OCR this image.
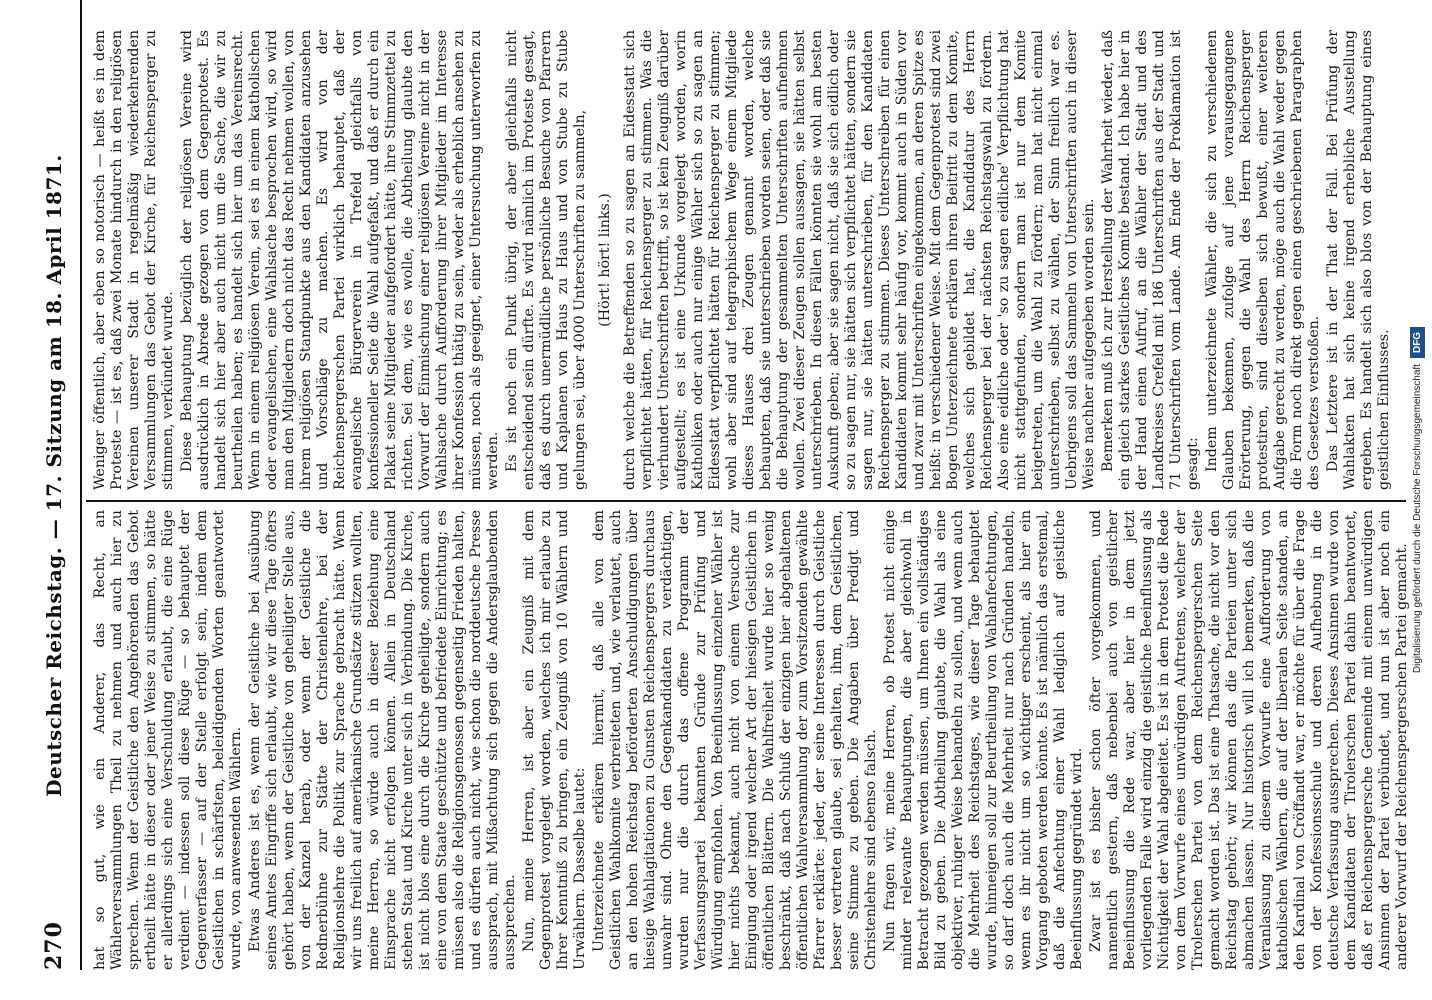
270
Deutscher Reichstag. — 17. Sitzung am 18. April 1871. hat so gut, wie ein Anderer, das Recht, an Wählerversammlungen Theil zu nehmen und auch hier zu sprechen. Wenn der Geistliche den Angehörenden das Gebot ertheilt hätte in dieser oder jener Weise zu stimmen, so hätte er allerdings sich eine Verschuldung erlaubt, die eine Rüge verdient — indessen soll diese Rüge — so behauptet der Gegenverfasser — auf der Stelle erfolgt sein, indem dem Geistlichen in schärfsten, beleidigenden Worten geantwortet wurde, von anwesenden Wählern. Etwas Anderes ist es, wenn der Geistliche bei Ausübung seines Amtes Eingriffe sich erlaubt, wie wir diese Tage öfters gehört haben, wenn der Geistliche von geheiligter Stelle aus, von der Kanzel herab, oder wenn der Geistliche die Rednerbühne zur Stätte der Christenlehre, bei der Religionslehre die Politik zur Sprache gebracht hätte. Wenn wir uns freilich auf amerikanische Grundsätze stützen wollten, meine Herren, so würde auch in dieser Beziehung eine Einsprache nicht erfolgen können. Allein in Deutschland stehen Staat und Kirche unter sich in Verbindung. Die Kirche, ist nicht blos eine durch die Kirche geheiligte, sondern auch eine von dem Staate geschützte und befriedete Einrichtung; es müssen also die Religionsgenossen gegenseitig Frieden halten, und es dürfen auch nicht, wie schon die norddeutsche Presse aussprach, mit Mißachtung sich gegen die Andersglaubenden aussprechen. Nun, meine Herren, ist aber ein Zeugniß mit dem Gegenprotest vorgelegt worden, welches ich mir erlaube zu Ihrer Kenntniß zu bringen, ein Zeugniß von 10 Wählern und Urwählern. Dasselbe lautet: Unterzeichnete erklären hiermit, daß alle von dem Geistlichen Wahlkomite verbreiteten und, wie verlautet, auch an den hohen Reichstag beförderten Anschuldigungen über hiesige Wahlagitationen zu Gunsten Reichenspergers durchaus unwahr sind. Ohne den Gegenkandidaten zu verdächtigen, wurden nur die durch das offene Programm der Verfassungspartei bekannten Gründe zur Prüfung und Würdigung empfohlen. Von Beeinflussung einzelner Wähler ist hier nichts bekannt, auch nicht von einem Versuche zur Einigung oder irgend welcher Art der hiesigen Geistlichen in öffentlichen Blättern. Die Wahlfreiheit wurde hier so wenig beschränkt, daß nach Schluß der einzigen hier abgehaltenen öffentlichen Wahlversammlung der zum Vorsitzenden gewählte Pfarrer erklärte: jeder, der seine Interessen durch Geistliche besser vertreten glaube, sei gehalten, ihm, dem Geistlichen, seine Stimme zu geben. Die Angaben über Predigt und Christenlehre sind ebenso falsch. Nun fragen wir, meine Herren, ob Protest nicht einige minder relevante Behauptungen, die aber gleichwohl in Betracht gezogen werden müssen, um Ihnen ein vollständiges Bild zu geben. Die Abtheilung glaubte, die Wahl als eine objektiver, ruhiger Weise behandeln zu sollen, und wenn auch die Mehrheit des Reichstages, wie dieser Tage behauptet wurde, hinneigen soll zur Beurtheilung von Wahlanfechtungen, so darf doch auch die Mehrheit nur nach Gründen handeln, wenn es ihr nicht um so wichtiger erscheint, als hier ein Vorgang geboten werden könnte. Es ist nämlich das erstemal, daß die Anfechtung einer Wahl lediglich auf geistliche Beeinflussung gegründet wird. Zwar ist es bisher schon öfter vorgekommen, und namentlich gestern, daß nebenbei auch von geistlicher Beeinflussung die Rede war, aber hier in dem jetzt vorliegenden Falle wird einzig die geistliche Beeinflussung als Nichtigkeit der Wahl abgeleitet. Es ist in dem Protest die Rede von dem Vorwurfe eines unwürdigen Auftretens, welcher der Tirolerschen Partei von dem Reichenspergerschen Seite gemacht worden ist. Das ist eine Thatsache, die nicht vor den Reichstag gehört; wir können das die Parteien unter sich abmachen lassen. Nur historisch will ich bemerken, daß die Veranlassung zu diesem Vorwurfe eine Aufforderung von katholischen Wählern, die auf der liberalen Seite standen, an den Kardinal von Cröffandt war, er möchte für über die Frage von der Konfessionsschule und deren Aufhebung in die deutsche Verfassung aussprechen. Dieses Ansinnen wurde von dem Kandidaten der Tirolerschen Partei dahin beantwortet, daß er Reichenspergersche Gemeinde mit einem unwürdigen Ansinnen der Partei verbündet, und nun ist aber noch ein anderer Vorwurf der Reichenspergerschen Partei gemacht.

Weniger öffentlich, aber eben so notorisch — heißt es in dem Proteste — ist es, daß zwei Monate hindurch in den religiösen Vereinen unserer Stadt in regelmäßig wiederkehrenden Versammlungen das Gebot der Kirche, für Reichensperger zu stimmen, verkündet wurde. Diese Behauptung bezüglich der religiösen Vereine wird ausdrücklich in Abrede gezogen von dem Gegenprotest. Es handelt sich hier aber auch nicht um die Sache, die wir zu beurtheilen haben; es handelt sich hier um das Vereinsrecht. Wenn in einem religiösen Verein, sei es in einem katholischen oder evangelischen, eine Wahlsache besprochen wird, so wird man den Mitgliedern doch nicht das Recht nehmen wollen, von ihrem religiösen Standpunkte aus den Kandidaten anzusehen und Vorschläge zu machen. Es wird von der Reichenspergerschen Partei wirklich behauptet, daß der evangelische Bürgerverein in Trefeld gleichfalls von konfessioneller Seite die Wahl aufgefaßt, und daß er durch ein Plakat seine Mitglieder aufgefordert hätte, ihre Stimmzettel zu richten. Sei dem, wie es wolle, die Abtheilung glaubte den Vorwurf der Einmischung einer religiösen Vereine nicht in der Wahlsache durch Aufforderung ihrer Mitglieder im Interesse ihrer Konfession thätig zu sein, weder als erheblich ansehen zu müssen, noch als geeignet, einer Untersuchung unterworfen zu werden. Es ist noch ein Punkt übrig, der aber gleichfalls nicht entscheidend sein dürfte. Es wird nämlich im Proteste gesagt, daß es durch unermüdliche persönliche Besuche von Pfarrern und Kaplanen von Haus zu Haus und von Stube zu Stube gelungen sei, über 4000 Unterschriften zu sammeln, (Hört! hört! links.) durch welche die Betreffenden so zu sagen an Eidesstatt sich verpflichtet hätten, für Reichensperger zu stimmen. Was die vierhundert Unterschriften betrifft, so ist kein Zeugniß darüber aufgestellt; es ist eine Urkunde vorgelegt worden, worin Katholiken oder auch nur einige Wähler sich so zu sagen an Eidesstatt verpflichtet hätten für Reichensperger zu stimmen; wohl aber sind auf telegraphischem Wege einem Mitgliede dieses Hauses drei Zeugen genannt worden, welche behaupten, daß sie unterschrieben worden seien, oder daß sie die Behauptung der gesammelten Unterschriften aufnehmen wollen. Zwei dieser Zeugen sollen aussagen, sie hätten selbst unterschrieben. In diesen Fällen könnten sie wohl am besten Auskunft geben; aber sie sagen nicht, daß sie sich eidlich oder so zu sagen nur, sie hätten sich verpflichtet hätten, sondern sie sagen nur, sie hätten unterschrieben, für den Kandidaten Reichensperger zu stimmen. Dieses Unterschreiben für einen Kandidaten kommt sehr häufig vor, kommt auch in Süden vor und zwar mit Unterschriften eingekommen, an deren Spitze es heißt: in verschiedener Weise. Mit dem Gegenprotest sind zwei Bogen Unterzeichnete erklären ihren Beitritt zu dem Komite, welches sich gebildet hat, die Kandidatur des Herrn Reichensperger bei der nächsten Reichstagswahl zu fördern. Also eine eidliche oder 'so zu sagen eidliche' Verpflichtung hat nicht stattgefunden, sondern man ist nur dem Komite beigetreten, um die Wahl zu fördern; man hat nicht einmal unterschrieben, selbst zu wählen, der Sinn freilich war es. Uebrigens soll das Sammeln von Unterschriften auch in dieser Weise nachher aufgegeben worden sein. Bemerken muß ich zur Herstellung der Wahrheit wieder, daß ein gleich starkes Geistliches Komite bestand. Ich habe hier in der Hand einen Aufruf, an die Wähler der Stadt und des Landkreises Crefeld mit 186 Unterschriften aus der Stadt und 71 Unterschriften vom Lande. Am Ende der Proklamation ist gesagt: Indem unterzeichnete Wähler, die sich zu verschiedenen Glauben bekennen, zufolge auf jene vorausgegangene Erörterung, gegen die Wahl des Herrn Reichensperger protestiren, sind dieselben sich bewußt, einer weiteren Aufgabe gerecht zu werden, möge auch die Wahl weder gegen die Form noch direkt gegen einen geschriebenen Paragraphen des Gesetzes verstoßen. Das Letztere ist in der That der Fall. Bei Prüfung der Wahlakten hat sich keine irgend erhebliche Ausstellung ergeben. Es handelt sich also blos von der Behauptung eines geistlichen Einflusses. Digitalisierung gefördert durch die Deutsche Forschungsgemeinschaft
DFG
